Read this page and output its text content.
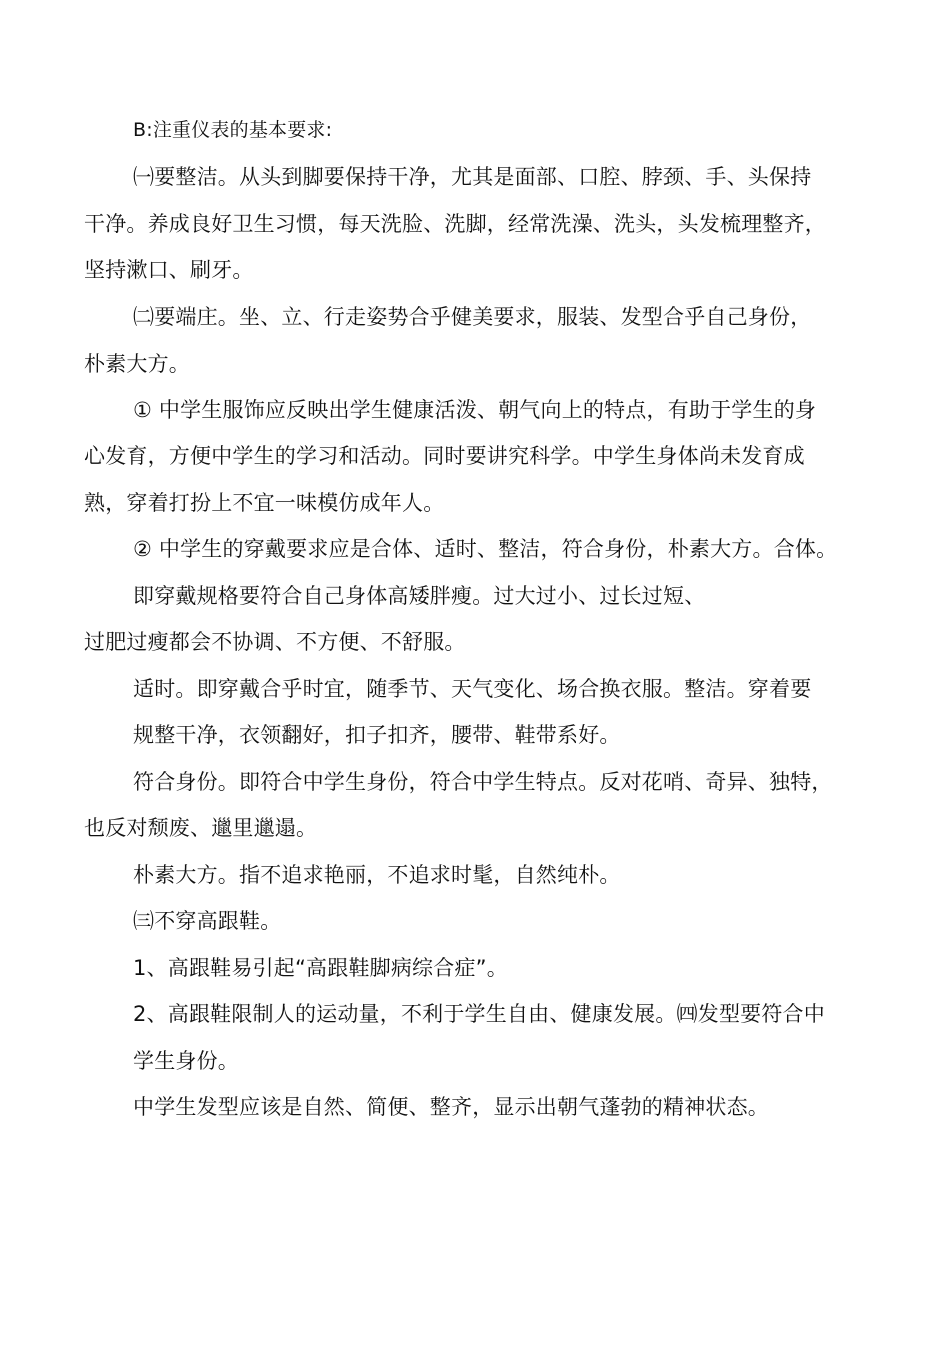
B:注重仪表的基本要求:
㈠要整洁。从头到脚要保持干净，尤其是面部、口腔、脖颈、手、头保持
干净。养成良好卫生习惯，每天洗脸、洗脚，经常洗澡、洗头，头发梳理整齐，
坚持漱口、刷牙。
㈡要端庄。坐、立、行走姿势合乎健美要求，服装、发型合乎自己身份，
朴素大方。
① 中学生服饰应反映出学生健康活泼、朝气向上的特点，有助于学生的身
心发育，方便中学生的学习和活动。同时要讲究科学。中学生身体尚未发育成
熟，穿着打扮上不宜一味模仿成年人。
② 中学生的穿戴要求应是合体、适时、整洁，符合身份，朴素大方。合体。
即穿戴规格要符合自己身体高矮胖瘦。过大过小、过长过短、
过肥过瘦都会不协调、不方便、不舒服。
适时。即穿戴合乎时宜，随季节、天气变化、场合换衣服。整洁。穿着要
规整干净，衣领翻好，扣子扣齐，腰带、鞋带系好。
符合身份。即符合中学生身份，符合中学生特点。反对花哨、奇异、独特，
也反对颓废、邋里邋遢。
朴素大方。指不追求艳丽，不追求时髦，自然纯朴。
㈢不穿高跟鞋。
1、高跟鞋易引起“高跟鞋脚病综合症”。
2、高跟鞋限制人的运动量，不利于学生自由、健康发展。㈣发型要符合中
学生身份。
中学生发型应该是自然、简便、整齐，显示出朝气蓬勃的精神状态。
